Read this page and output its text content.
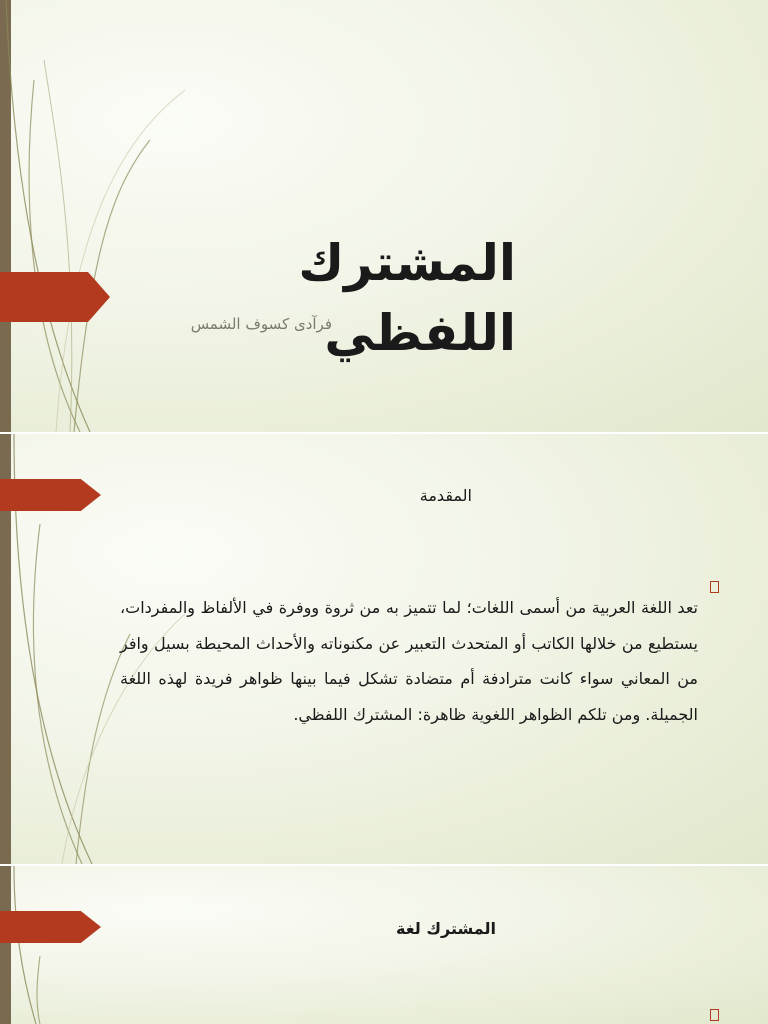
المشترك اللفظي
فرآدى كسوف الشمس
المقدمة

تعد اللغة العربية من أسمى اللغات؛ لما تتميز به من ثروة ووفرة في الألفاظ والمفردات، يستطيع من خلالها الكاتب أو المتحدث التعبير عن مكنوناته والأحداث المحيطة بسيل وافر من المعاني سواء كانت مترادفة أم متضادة تشكل فيما بينها ظواهر فريدة لهذه اللغة الجميلة. ومن تلكم الظواهر اللغوية ظاهرة: المشترك اللفظي.

المشترك لغة
